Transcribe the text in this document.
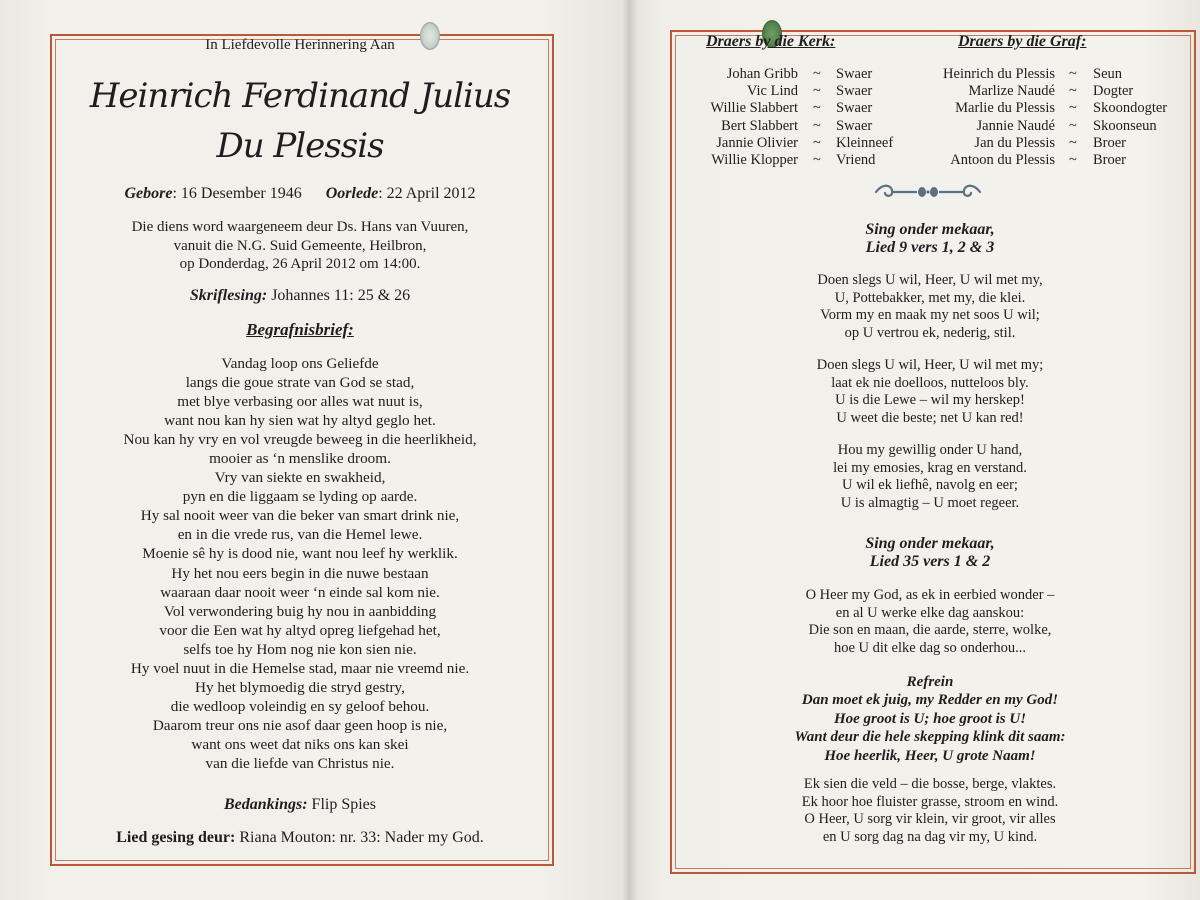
In Liefdevolle Herinnering Aan
Heinrich Ferdinand Julius
Du Plessis
Gebore: 16 Desember 1946 Oorlede: 22 April 2012
Die diens word waargeneem deur Ds. Hans van Vuuren,
vanuit die N.G. Suid Gemeente, Heilbron,
op Donderdag, 26 April 2012 om 14:00.
Skriflesing: Johannes 11: 25 & 26
Begrafnisbrief:
Vandag loop ons Geliefde
langs die goue strate van God se stad,
met blye verbasing oor alles wat nuut is,
want nou kan hy sien wat hy altyd geglo het.
Nou kan hy vry en vol vreugde beweeg in die heerlikheid,
mooier as ‘n menslike droom.
Vry van siekte en swakheid,
pyn en die liggaam se lyding op aarde.
Hy sal nooit weer van die beker van smart drink nie,
en in die vrede rus, van die Hemel lewe.
Moenie sê hy is dood nie, want nou leef hy werklik.
Hy het nou eers begin in die nuwe bestaan
waaraan daar nooit weer ‘n einde sal kom nie.
Vol verwondering buig hy nou in aanbidding
voor die Een wat hy altyd opreg liefgehad het,
selfs toe hy Hom nog nie kon sien nie.
Hy voel nuut in die Hemelse stad, maar nie vreemd nie.
Hy het blymoedig die stryd gestry,
die wedloop voleindig en sy geloof behou.
Daarom treur ons nie asof daar geen hoop is nie,
want ons weet dat niks ons kan skei
van die liefde van Christus nie.
Bedankings: Flip Spies
Lied gesing deur: Riana Mouton: nr. 33: Nader my God.
Draers by die Kerk:	Draers by die Graf:
Johan Gribb ~ Swaer	Heinrich du Plessis ~ Seun
Vic Lind ~ Swaer	Marlize Naudé ~ Dogter
Willie Slabbert ~ Swaer	Marlie du Plessis ~ Skoondogter
Bert Slabbert ~ Swaer	Jannie Naudé ~ Skoonseun
Jannie Olivier ~ Kleinneef	Jan du Plessis ~ Broer
Willie Klopper ~ Vriend	Antoon du Plessis ~ Broer
Sing onder mekaar,
Lied 9 vers 1, 2 & 3
Doen slegs U wil, Heer, U wil met my,
U, Pottebakker, met my, die klei.
Vorm my en maak my net soos U wil;
op U vertrou ek, nederig, stil.
Doen slegs U wil, Heer, U wil met my;
laat ek nie doelloos, nutteloos bly.
U is die Lewe – wil my herskep!
U weet die beste; net U kan red!
Hou my gewillig onder U hand,
lei my emosies, krag en verstand.
U wil ek liefhê, navolg en eer;
U is almagtig – U moet regeer.
Sing onder mekaar,
Lied 35 vers 1 & 2
O Heer my God, as ek in eerbied wonder –
en al U werke elke dag aanskou:
Die son en maan, die aarde, sterre, wolke,
hoe U dit elke dag so onderhou...
Refrein
Dan moet ek juig, my Redder en my God!
Hoe groot is U; hoe groot is U!
Want deur die hele skepping klink dit saam:
Hoe heerlik, Heer, U grote Naam!
Ek sien die veld – die bosse, berge, vlaktes.
Ek hoor hoe fluister grasse, stroom en wind.
O Heer, U sorg vir klein, vir groot, vir alles
en U sorg dag na dag vir my, U kind.
